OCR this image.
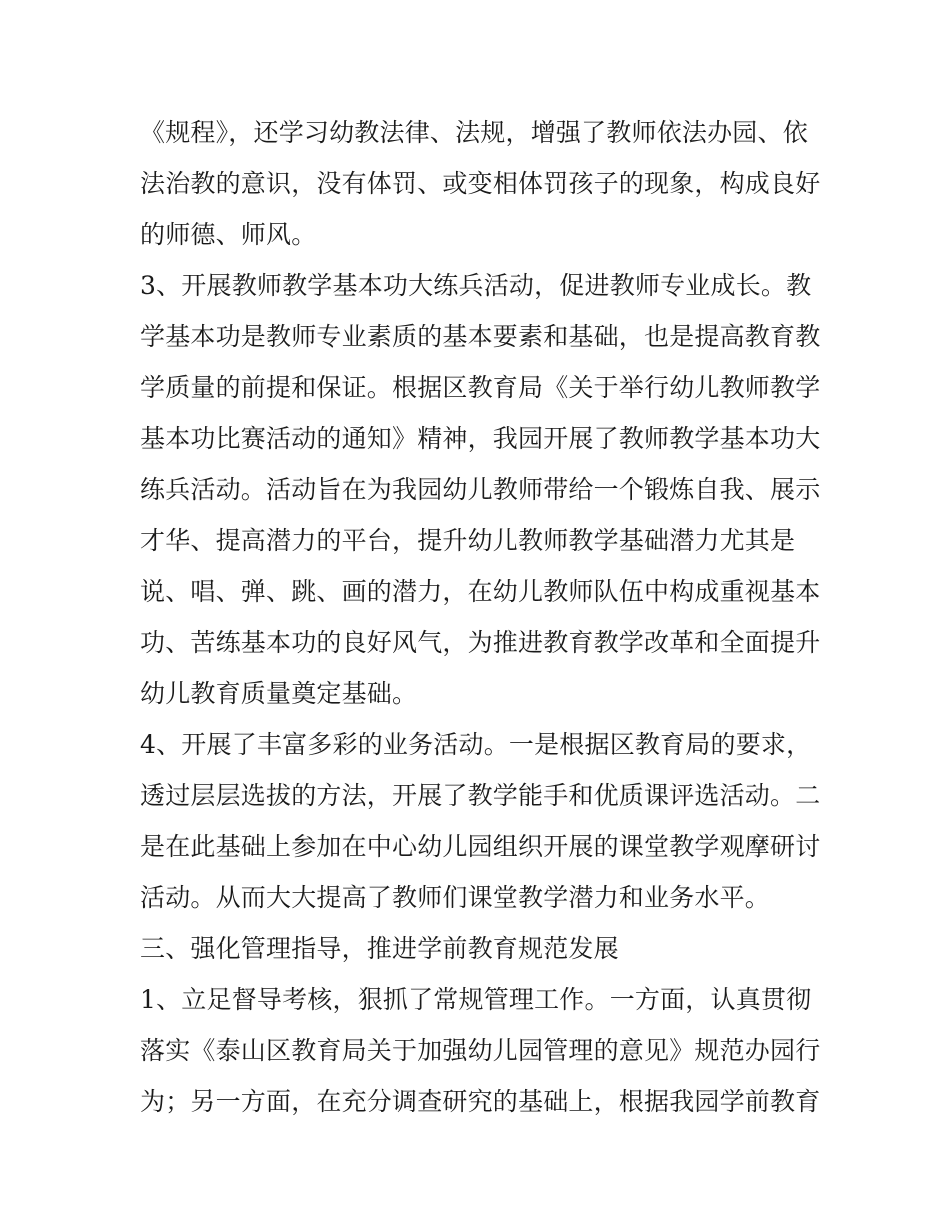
《规程》，还学习幼教法律、法规，增强了教师依法办园、依
法治教的意识，没有体罚、或变相体罚孩子的现象，构成良好
的师德、师风。
3、开展教师教学基本功大练兵活动，促进教师专业成长。教
学基本功是教师专业素质的基本要素和基础，也是提高教育教
学质量的前提和保证。根据区教育局《关于举行幼儿教师教学
基本功比赛活动的通知》精神，我园开展了教师教学基本功大
练兵活动。活动旨在为我园幼儿教师带给一个锻炼自我、展示
才华、提高潜力的平台，提升幼儿教师教学基础潜力尤其是
说、唱、弹、跳、画的潜力，在幼儿教师队伍中构成重视基本
功、苦练基本功的良好风气，为推进教育教学改革和全面提升
幼儿教育质量奠定基础。
4、开展了丰富多彩的业务活动。一是根据区教育局的要求，
透过层层选拔的方法，开展了教学能手和优质课评选活动。二
是在此基础上参加在中心幼儿园组织开展的课堂教学观摩研讨
活动。从而大大提高了教师们课堂教学潜力和业务水平。
三、强化管理指导，推进学前教育规范发展
1、立足督导考核，狠抓了常规管理工作。一方面，认真贯彻
落实《泰山区教育局关于加强幼儿园管理的意见》规范办园行
为；另一方面，在充分调查研究的基础上，根据我园学前教育
